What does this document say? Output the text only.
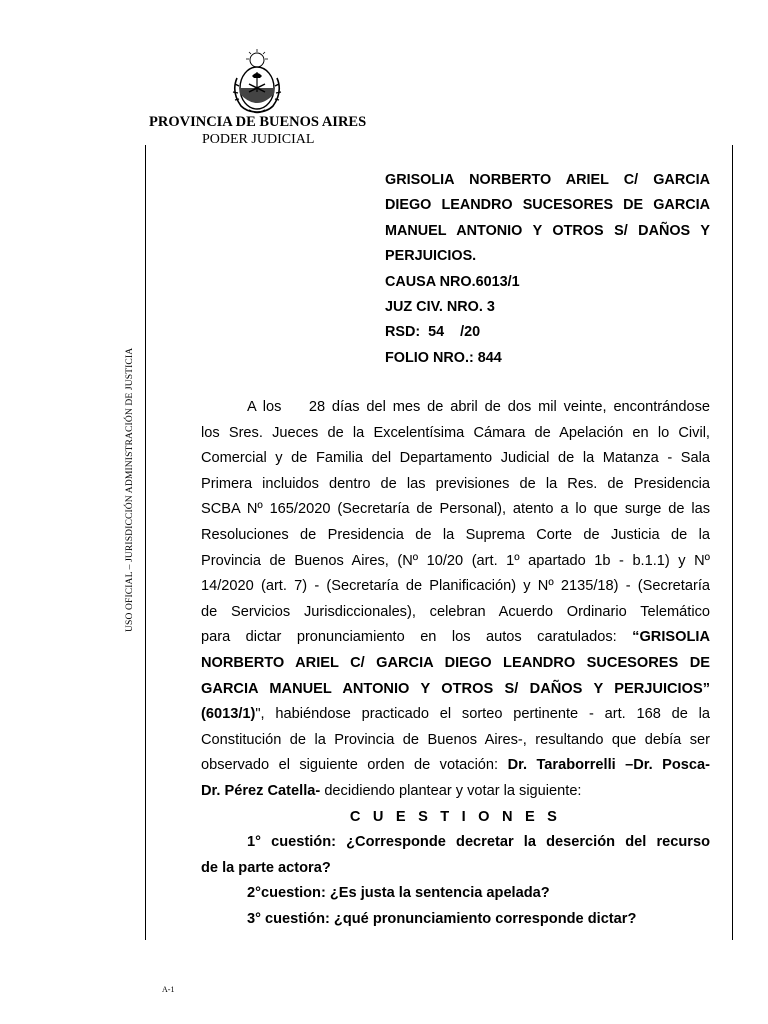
PROVINCIA DE BUENOS AIRES
PODER JUDICIAL
USO OFICIAL – JURISDICCIÓN ADMINISTRACIÓN DE JUSTICIA
GRISOLIA NORBERTO ARIEL C/ GARCIA
DIEGO LEANDRO SUCESORES DE GARCIA
MANUEL ANTONIO Y OTROS S/ DAÑOS Y
PERJUICIOS.
CAUSA NRO.6013/1
JUZ CIV. NRO. 3
RSD:  54    /20
FOLIO NRO.: 844
A los    28 días del mes de abril de dos mil veinte, encontrándose
los Sres. Jueces de la Excelentísima Cámara de Apelación en lo Civil,
Comercial y de Familia del Departamento Judicial de la Matanza - Sala
Primera incluidos dentro de las previsiones de la Res. de Presidencia
SCBA Nº 165/2020 (Secretaría de Personal), atento a lo que surge de las
Resoluciones de Presidencia de la Suprema Corte de Justicia de la
Provincia de Buenos Aires, (Nº 10/20 (art. 1º apartado 1b - b.1.1) y Nº
14/2020 (art. 7) - (Secretaría de Planificación) y Nº 2135/18) - (Secretaría
de Servicios Jurisdiccionales), celebran Acuerdo Ordinario Telemático
para dictar pronunciamiento en los autos caratulados: “GRISOLIA
NORBERTO ARIEL C/ GARCIA DIEGO LEANDRO SUCESORES DE
GARCIA MANUEL ANTONIO Y OTROS S/ DAÑOS Y PERJUICIOS”
(6013/1)", habiéndose practicado el sorteo pertinente - art. 168 de la
Constitución de la Provincia de Buenos Aires-, resultando que debía ser
observado el siguiente orden de votación: Dr. Taraborrelli –Dr. Posca-
Dr. Pérez Catella- decidiendo plantear y votar la siguiente:
C U E S T I O N E S
1° cuestión: ¿Corresponde decretar la deserción del recurso
de la parte actora?
2°cuestion: ¿Es justa la sentencia apelada?
3° cuestión: ¿qué pronunciamiento corresponde dictar?
A-1
